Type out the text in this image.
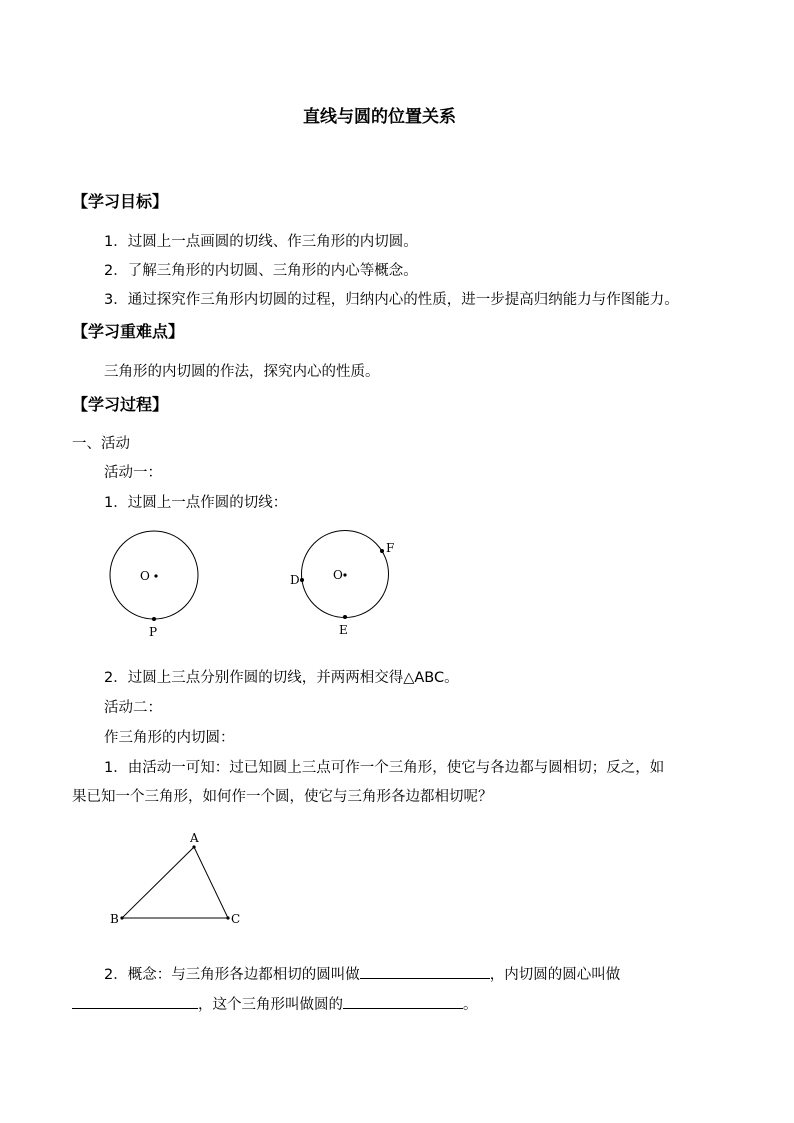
直线与圆的位置关系
【学习目标】
1．过圆上一点画圆的切线、作三角形的内切圆。
2．了解三角形的内切圆、三角形的内心等概念。
3．通过探究作三角形内切圆的过程，归纳内心的性质，进一步提高归纳能力与作图能力。
【学习重难点】
三角形的内切圆的作法，探究内心的性质。
【学习过程】
一、活动
活动一：
1．过圆上一点作圆的切线：
O
P
O
F
D
E
A
B	C
2．过圆上三点分别作圆的切线，并两两相交得△ABC。
活动二：
作三角形的内切圆：
1．由活动一可知：过已知圆上三点可作一个三角形，使它与各边都与圆相切；反之，如
果已知一个三角形，如何作一个圆，使它与三角形各边都相切呢？
2．概念：与三角形各边都相切的圆叫做	，内切圆的圆心叫做
，这个三角形叫做圆的	。
